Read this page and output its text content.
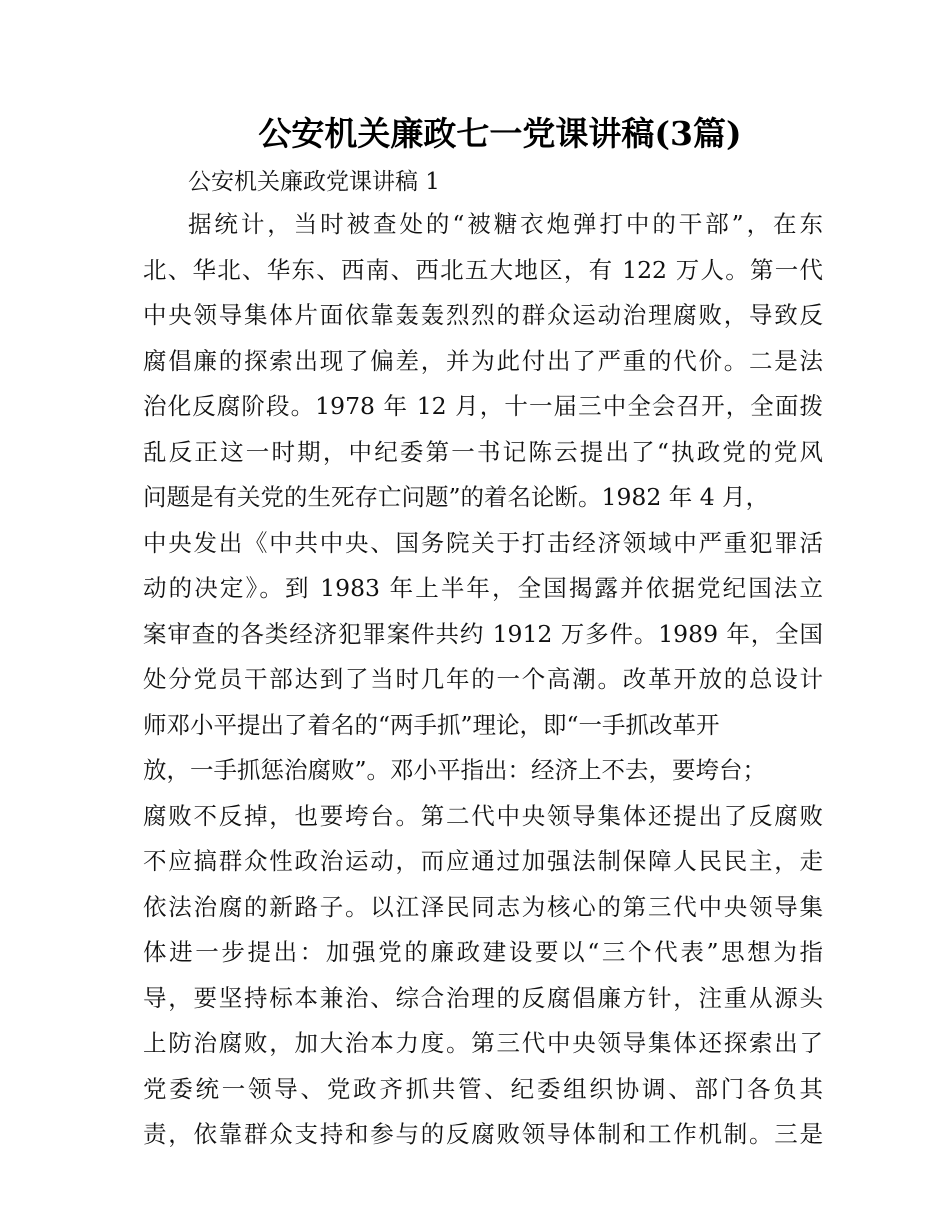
公安机关廉政七一党课讲稿(3篇)

公安机关廉政党课讲稿 1

据统计，当时被查处的“被糖衣炮弹打中的干部”，在东

北、华北、华东、西南、西北五大地区，有 122 万人。第一代

中央领导集体片面依靠轰轰烈烈的群众运动治理腐败，导致反

腐倡廉的探索出现了偏差，并为此付出了严重的代价。二是法

治化反腐阶段。1978 年 12 月，十一届三中全会召开，全面拨

乱反正这一时期，中纪委第一书记陈云提出了“执政党的党风

问题是有关党的生死存亡问题”的着名论断。1982 年 4 月，

中央发出《中共中央、国务院关于打击经济领域中严重犯罪活

动的决定》。到 1983 年上半年，全国揭露并依据党纪国法立

案审查的各类经济犯罪案件共约 1912 万多件。1989 年，全国

处分党员干部达到了当时几年的一个高潮。改革开放的总设计

师邓小平提出了着名的“两手抓”理论，即“一手抓改革开

放，一手抓惩治腐败”。邓小平指出：经济上不去，要垮台；

腐败不反掉，也要垮台。第二代中央领导集体还提出了反腐败

不应搞群众性政治运动，而应通过加强法制保障人民民主，走

依法治腐的新路子。以江泽民同志为核心的第三代中央领导集

体进一步提出：加强党的廉政建设要以“三个代表”思想为指

导，要坚持标本兼治、综合治理的反腐倡廉方针，注重从源头

上防治腐败，加大治本力度。第三代中央领导集体还探索出了

党委统一领导、党政齐抓共管、纪委组织协调、部门各负其

责，依靠群众支持和参与的反腐败领导体制和工作机制。三是
